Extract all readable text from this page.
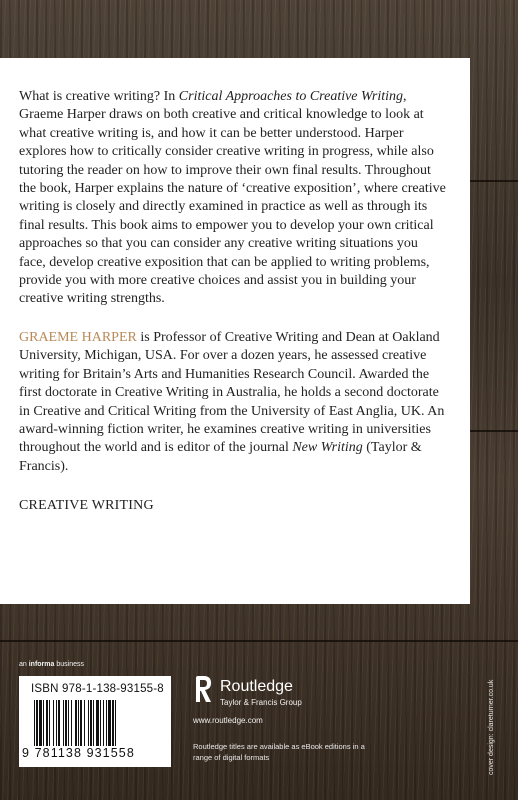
What is creative writing? In Critical Approaches to Creative Writing, Graeme Harper draws on both creative and critical knowledge to look at what creative writing is, and how it can be better understood. Harper explores how to critically consider creative writing in progress, while also tutoring the reader on how to improve their own final results. Throughout the book, Harper explains the nature of ‘creative exposition’, where creative writing is closely and directly examined in practice as well as through its final results. This book aims to empower you to develop your own critical approaches so that you can consider any creative writing situations you face, develop creative exposition that can be applied to writing problems, provide you with more creative choices and assist you in building your creative writing strengths.

GRAEME HARPER is Professor of Creative Writing and Dean at Oakland University, Michigan, USA. For over a dozen years, he assessed creative writing for Britain’s Arts and Humanities Research Council. Awarded the first doctorate in Creative Writing in Australia, he holds a second doctorate in Creative and Critical Writing from the University of East Anglia, UK. An award-winning fiction writer, he examines creative writing in universities throughout the world and is editor of the journal New Writing (Taylor & Francis).

CREATIVE WRITING
an informa business
ISBN 978-1-138-93155-8
9 781138 931558
Routledge
Taylor & Francis Group
www.routledge.com
Routledge titles are available as eBook editions in a range of digital formats	cover design: clareturner.co.uk
